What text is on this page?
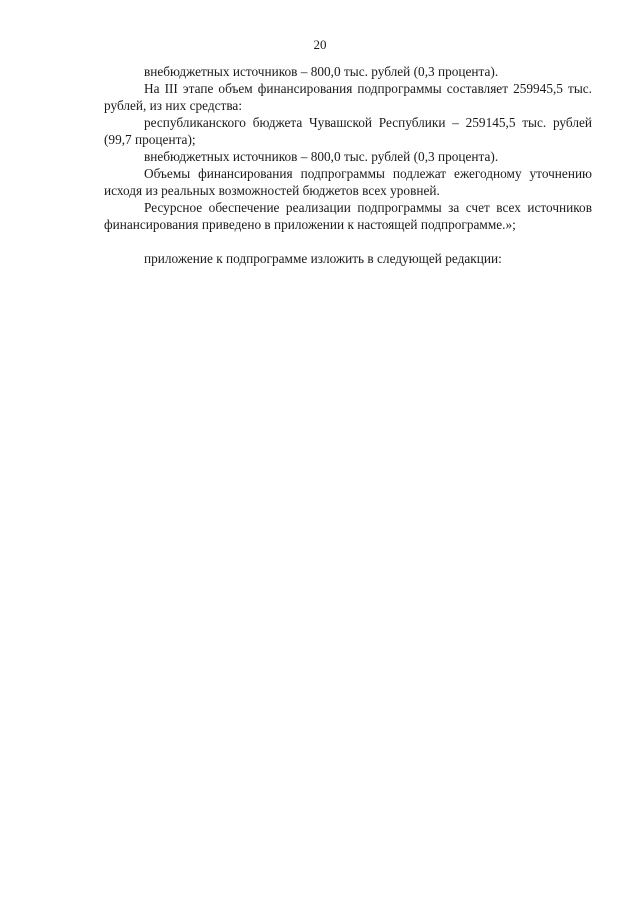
20

внебюджетных источников – 800,0 тыс. рублей (0,3 процента).

На III этапе объем финансирования подпрограммы составляет 259945,5 тыс. рублей, из них средства:

республиканского бюджета Чувашской Республики – 259145,5 тыс. рублей (99,7 процента);

внебюджетных источников – 800,0 тыс. рублей (0,3 процента).

Объемы финансирования подпрограммы подлежат ежегодному уточнению исходя из реальных возможностей бюджетов всех уровней.

Ресурсное обеспечение реализации подпрограммы за счет всех источников финансирования приведено в приложении к настоящей подпрограмме.»;

приложение к подпрограмме изложить в следующей редакции:
